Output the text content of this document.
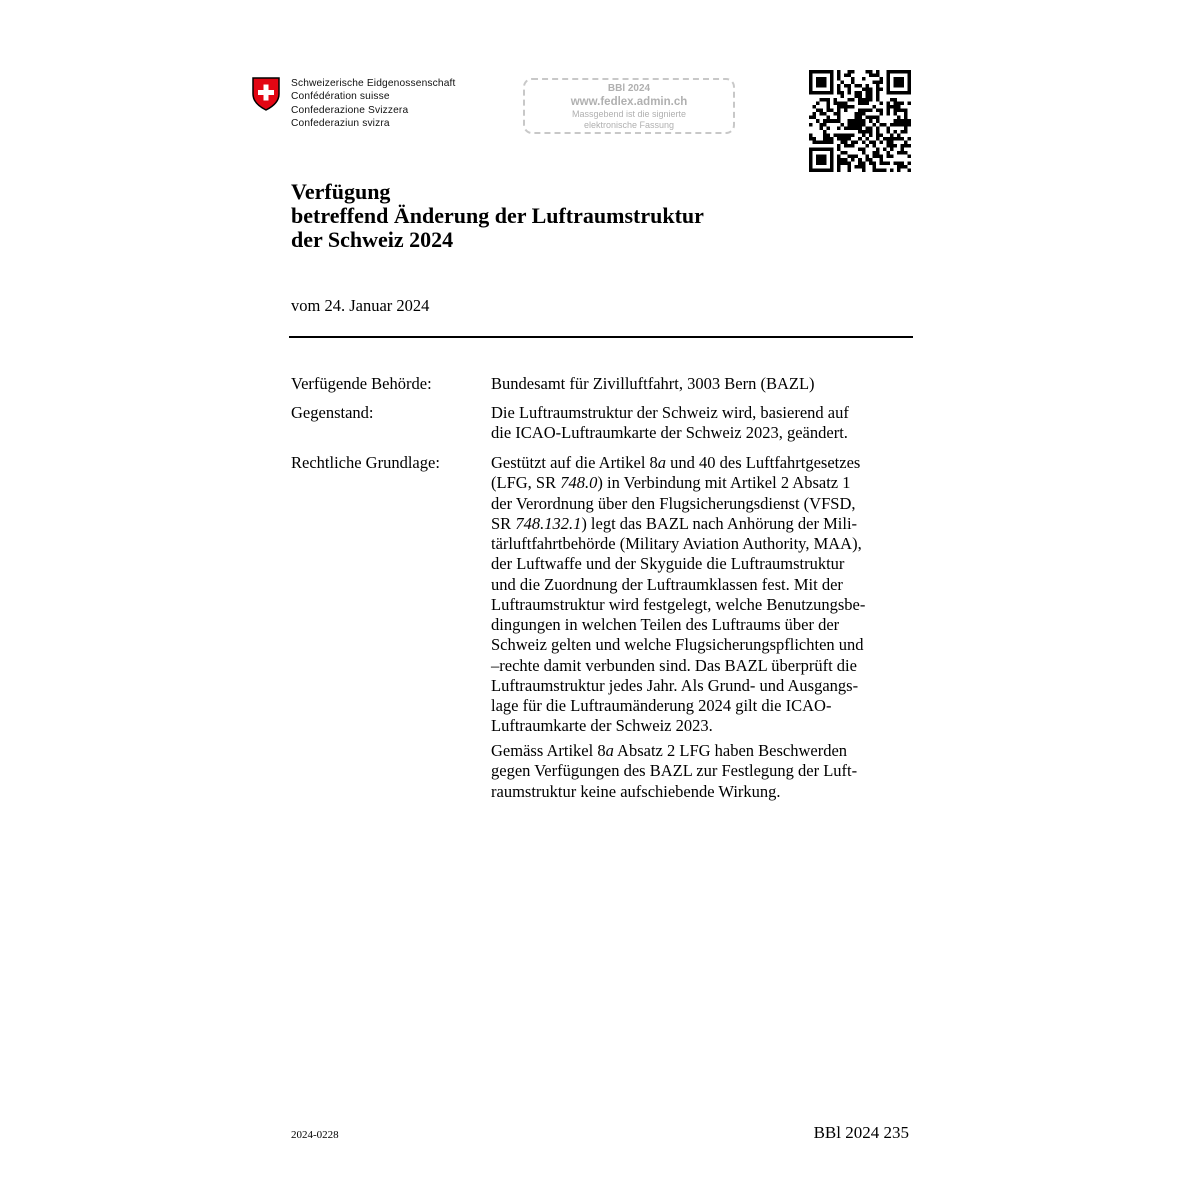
Schweizerische Eidgenossenschaft
Confédération suisse
Confederazione Svizzera
Confederaziun svizra
BBl 2024
www.fedlex.admin.ch
Massgebend ist die signierte
elektronische Fassung
Verfügung
betreffend Änderung der Luftraumstruktur
der Schweiz 2024
vom 24. Januar 2024
Verfügende Behörde:	Bundesamt für Zivilluftfahrt, 3003 Bern (BAZL)
Gegenstand:	Die Luftraumstruktur der Schweiz wird, basierend auf
die ICAO-Luftraumkarte der Schweiz 2023, geändert.
Rechtliche Grundlage:	Gestützt auf die Artikel 8a und 40 des Luftfahrtgesetzes
(LFG, SR 748.0) in Verbindung mit Artikel 2 Absatz 1
der Verordnung über den Flugsicherungsdienst (VFSD,
SR 748.132.1) legt das BAZL nach Anhörung der Mili-
tärluftfahrtbehörde (Military Aviation Authority, MAA),
der Luftwaffe und der Skyguide die Luftraumstruktur
und die Zuordnung der Luftraumklassen fest. Mit der
Luftraumstruktur wird festgelegt, welche Benutzungsbe-
dingungen in welchen Teilen des Luftraums über der
Schweiz gelten und welche Flugsicherungspflichten und
–rechte damit verbunden sind. Das BAZL überprüft die
Luftraumstruktur jedes Jahr. Als Grund- und Ausgangs-
lage für die Luftraumänderung 2024 gilt die ICAO-
Luftraumkarte der Schweiz 2023.
Gemäss Artikel 8a Absatz 2 LFG haben Beschwerden
gegen Verfügungen des BAZL zur Festlegung der Luft-
raumstruktur keine aufschiebende Wirkung.
2024-0228	BBl 2024 235
